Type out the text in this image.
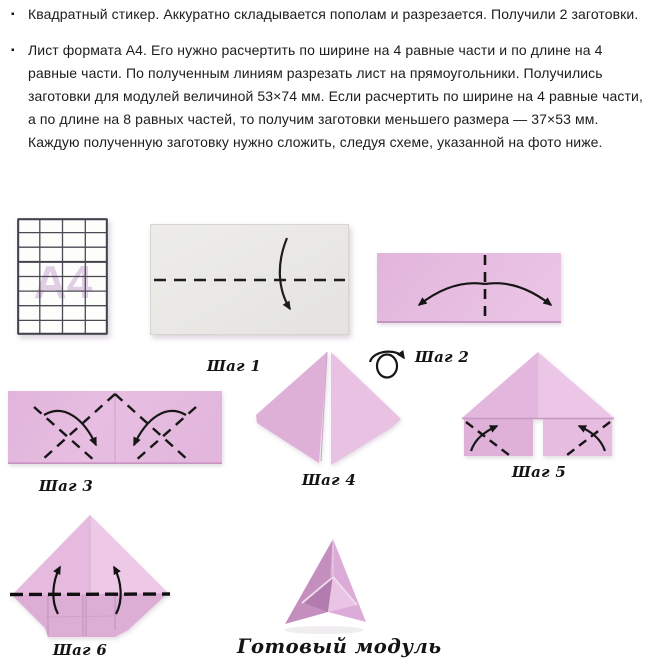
▪ Квадратный стикер. Аккуратно складывается пополам и разрезается. Получили 2 заготовки.
▪ Лист формата А4. Его нужно расчертить по ширине на 4 равные части и по длине на 4 равные части. По полученным линиям разрезать лист на прямоугольники. Получились заготовки для модулей величиной 53×74 мм. Если расчертить по ширине на 4 равные части, а по длине на 8 равных частей, то получим заготовки меньшего размера — 37×53 мм. Каждую полученную заготовку нужно сложить, следуя схеме, указанной на фото ниже.
А4
Шаг 1	Шаг 2
Шаг 3	Шаг 4	Шаг 5
Шаг 6	Готовый модуль
